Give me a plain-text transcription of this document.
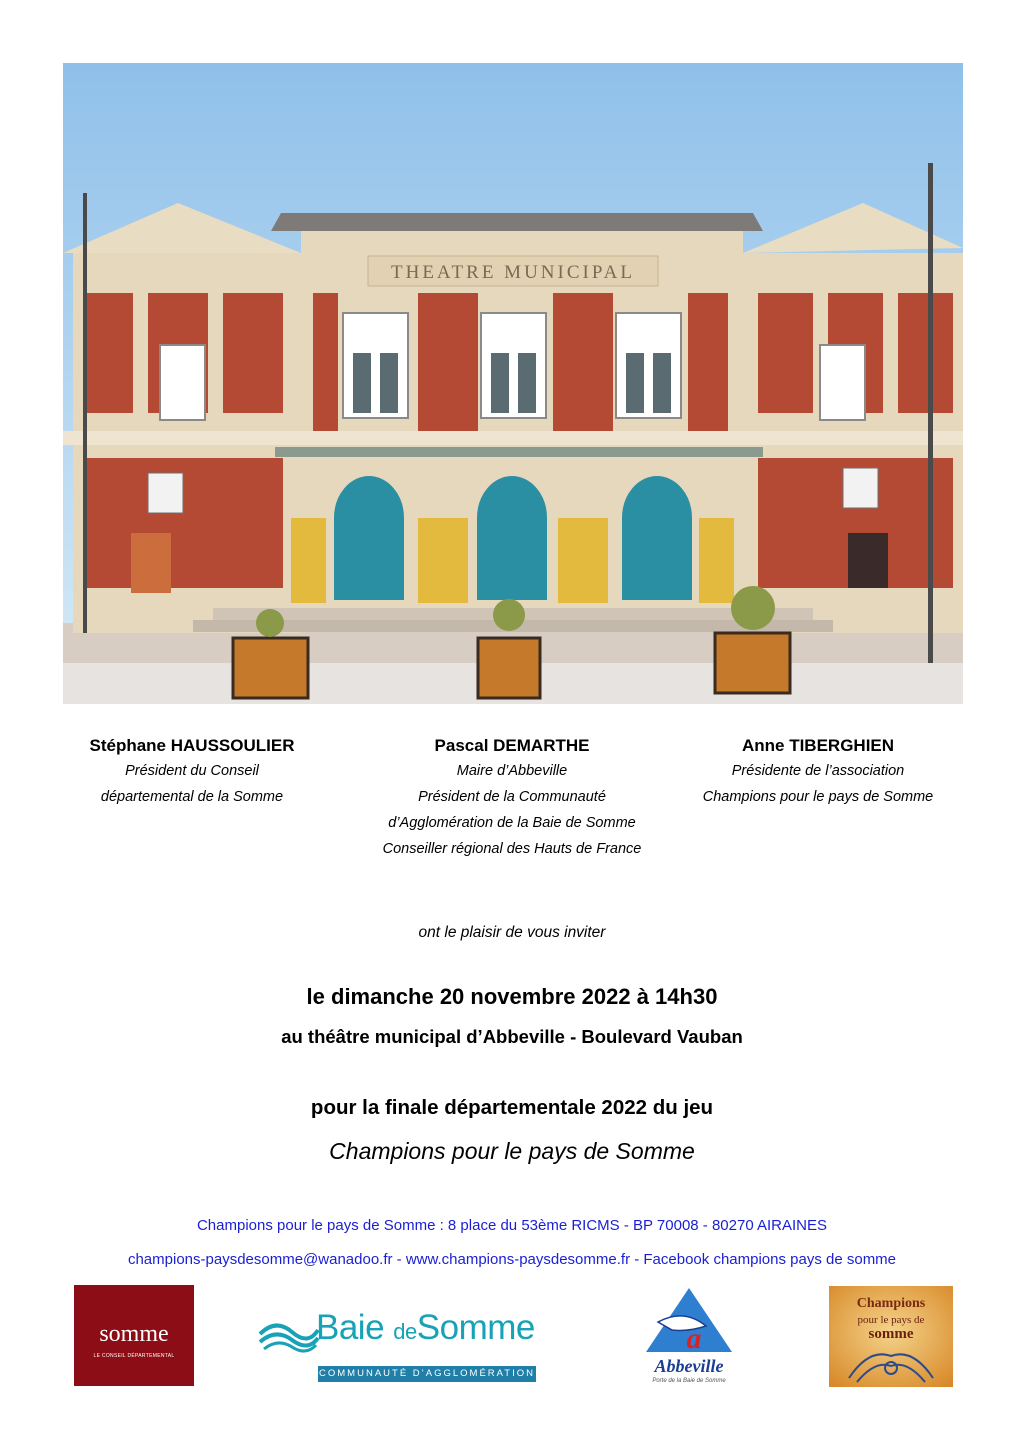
THEATRE MUNICIPAL
Stéphane HAUSSOULIER
Président du Conseil
départemental de la Somme
Pascal DEMARTHE
Maire d’Abbeville
Président de la Communauté
d’Agglomération de la Baie de Somme
Conseiller régional des Hauts de France
Anne TIBERGHIEN
Présidente de l’association
Champions pour le pays de Somme
ont le plaisir de vous inviter
le dimanche 20 novembre 2022 à 14h30
au théâtre municipal d’Abbeville - Boulevard Vauban
pour la finale départementale 2022 du jeu
Champions pour le pays de Somme
Champions pour le pays de Somme : 8 place du 53ème RICMS - BP 70008 - 80270 AIRAINES
champions-paysdesomme@wanadoo.fr - www.champions-paysdesomme.fr - Facebook champions pays de somme
somme
LE CONSEIL DÉPARTEMENTAL
Baie deSomme
COMMUNAUTÉ D’AGGLOMÉRATION
a
Abbeville
Porte de la Baie de Somme
Champions
pour le pays de
somme
